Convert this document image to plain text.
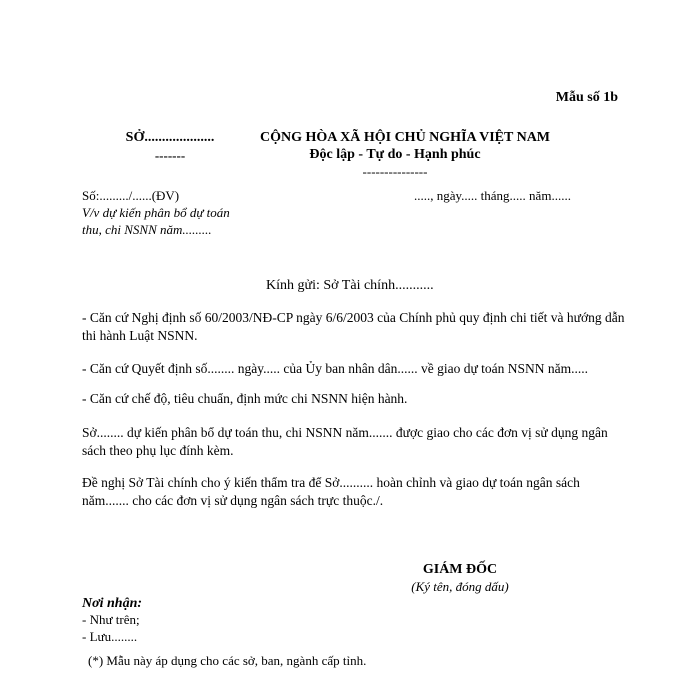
Mẫu số 1b
SỞ....................
-------
CỘNG HÒA XÃ HỘI CHỦ NGHĨA VIỆT NAM
Độc lập - Tự do - Hạnh phúc
---------------
Số:........./......(ĐV)	....., ngày..... tháng..... năm......
V/v dự kiến phân bổ dự toán
thu, chi NSNN năm.........
Kính gửi: Sở Tài chính...........
- Căn cứ Nghị định số 60/2003/NĐ-CP ngày 6/6/2003 của Chính phủ quy định chi tiết và hướng dẫn thi hành Luật NSNN.
- Căn cứ Quyết định số........ ngày..... của Ủy ban nhân dân...... về giao dự toán NSNN năm.....
- Căn cứ chế độ, tiêu chuẩn, định mức chi NSNN hiện hành.
Sở........ dự kiến phân bổ dự toán thu, chi NSNN năm....... được giao cho các đơn vị sử dụng ngân sách theo phụ lục đính kèm.
Đề nghị Sở Tài chính cho ý kiến thẩm tra để Sở.......... hoàn chỉnh và giao dự toán ngân sách năm....... cho các đơn vị sử dụng ngân sách trực thuộc./.
GIÁM ĐỐC
(Ký tên, đóng dấu)
Nơi nhận:
- Như trên;
- Lưu........
(*) Mẫu này áp dụng cho các sở, ban, ngành cấp tỉnh.
